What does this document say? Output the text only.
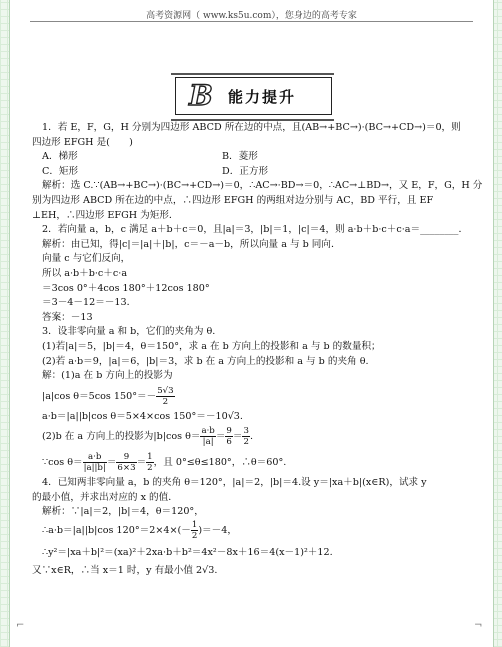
高考资源网（ www.ks5u.com），您身边的高考专家
B	能力提升
1．若 E，F，G，H 分别为四边形 ABCD 所在边的中点，且(AB→+BC→)·(BC→+CD→)＝0，则
四边形 EFGH 是(　　)
A．梯形	B．菱形
C．矩形	D．正方形
解析：选 C.∵(AB→+BC→)·(BC→+CD→)＝0，∴AC→·BD→＝0，∴AC→⊥BD→，又 E，F，G，H 分
别为四边形 ABCD 所在边的中点，∴四边形 EFGH 的两组对边分别与 AC，BD 平行，且 EF
⊥EH，∴四边形 EFGH 为矩形．
2．若向量 a，b，c 满足 a＋b＋c＝0，且|a|＝3，|b|＝1，|c|＝4，则 a·b＋b·c＋c·a＝________．
解析：由已知，得|c|＝|a|＋|b|，c＝－a－b，所以向量 a 与 b 同向．
向量 c 与它们反向，
所以 a·b＋b·c＋c·a
＝3cos 0°＋4cos 180°＋12cos 180°
＝3－4－12＝－13．
答案：－13
3．设非零向量 a 和 b，它们的夹角为 θ.
(1)若|a|＝5，|b|＝4，θ＝150°，求 a 在 b 方向上的投影和 a 与 b 的数量积；
(2)若 a·b＝9，|a|＝6，|b|＝3，求 b 在 a 方向上的投影和 a 与 b 的夹角 θ.
解：(1)a 在 b 方向上的投影为
|a|cos θ＝5cos $150^\circ=- \frac{5√3}{2}$
a·b＝|a||b|cos θ＝5×4×cos 150°＝－10√3.
(2)b 在 a 方向上的投影为|b|cos $\theta= \frac{a\cdot b}{|a|} = \frac{9}{6} = \frac{3}{2}$ .
∵cos $\theta= \frac{a\cdot b}{|a||b|} = \frac{9}{6\times 3} = \frac{1}{2}$ ，且 0°≤θ≤180°，∴θ＝60°.
4．已知两非零向量 a，b 的夹角 θ＝120°，|a|＝2，|b|＝4.设 y＝|xa＋b|(x∈R)，试求 y
的最小值，并求出对应的 x 的值．
解析：∵|a|＝2，|b|＝4，θ＝120°，
∴a·b＝|a||b|cos $120^\circ=2\times 4\times(- \frac{1}{2} )=-4$，
∴y²＝|xa＋b|²＝(xa)²＋2xa·b＋b²＝4x²－8x＋16＝4(x－1)²＋12.
又∵x∈R，∴当 x＝1 时，y 有最小值 2√3.
⌐	¬
